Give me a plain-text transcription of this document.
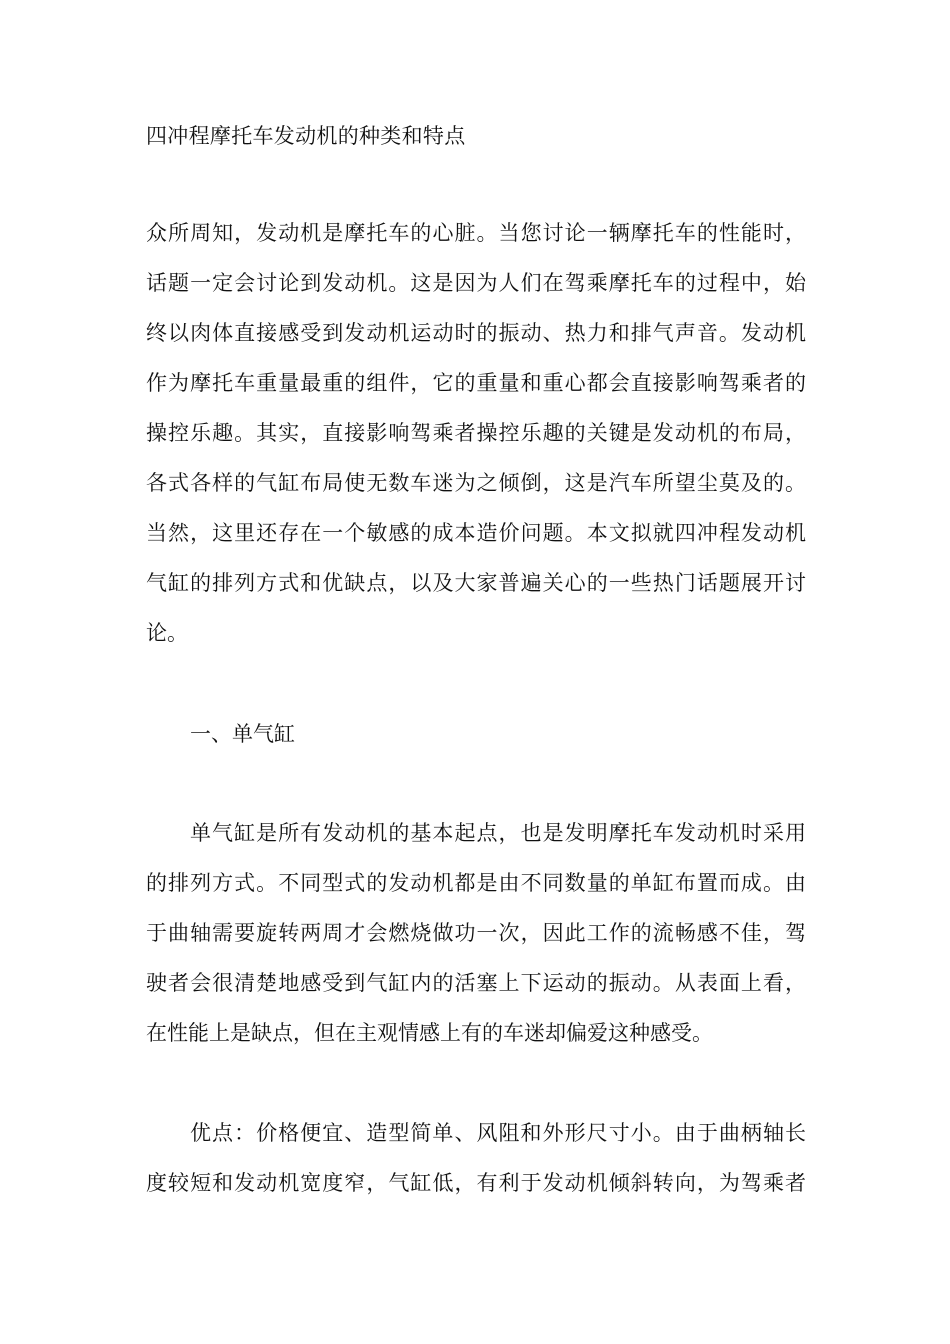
四冲程摩托车发动机的种类和特点
众所周知，发动机是摩托车的心脏。当您讨论一辆摩托车的性能时，
话题一定会讨论到发动机。这是因为人们在驾乘摩托车的过程中，始
终以肉体直接感受到发动机运动时的振动、热力和排气声音。发动机
作为摩托车重量最重的组件，它的重量和重心都会直接影响驾乘者的
操控乐趣。其实，直接影响驾乘者操控乐趣的关键是发动机的布局，
各式各样的气缸布局使无数车迷为之倾倒，这是汽车所望尘莫及的。
当然，这里还存在一个敏感的成本造价问题。本文拟就四冲程发动机
气缸的排列方式和优缺点，以及大家普遍关心的一些热门话题展开讨
论。
一、单气缸
单气缸是所有发动机的基本起点，也是发明摩托车发动机时采用
的排列方式。不同型式的发动机都是由不同数量的单缸布置而成。由
于曲轴需要旋转两周才会燃烧做功一次，因此工作的流畅感不佳，驾
驶者会很清楚地感受到气缸内的活塞上下运动的振动。从表面上看，
在性能上是缺点，但在主观情感上有的车迷却偏爱这种感受。
优点：价格便宜、造型简单、风阻和外形尺寸小。由于曲柄轴长
度较短和发动机宽度窄，气缸低，有利于发动机倾斜转向，为驾乘者
